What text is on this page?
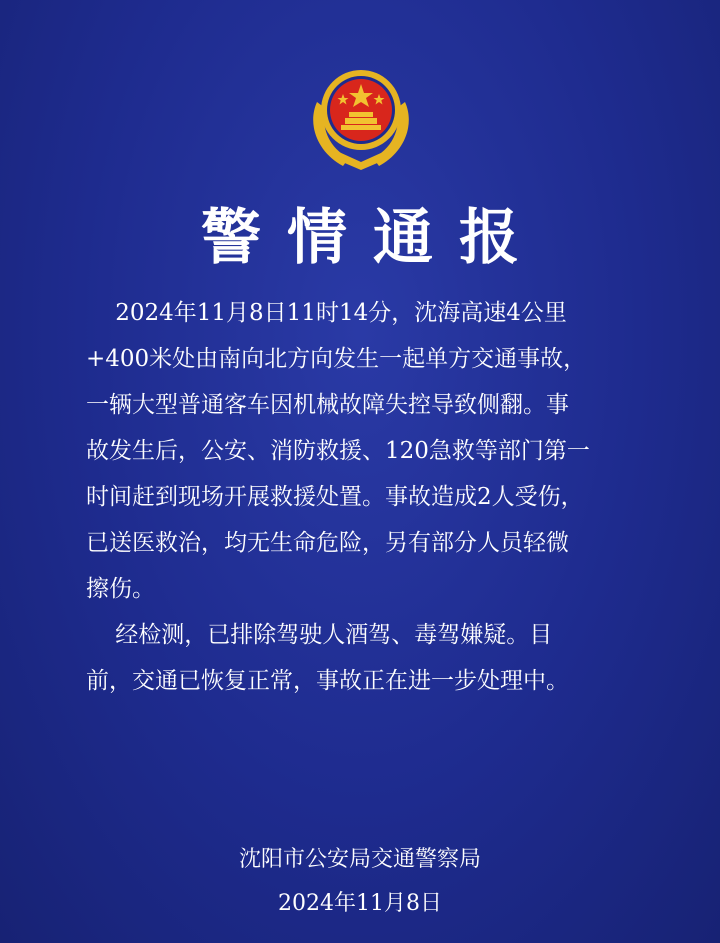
警情通报

2024年11月8日11时14分，沈海高速4公里
+400米处由南向北方向发生一起单方交通事故，
一辆大型普通客车因机械故障失控导致侧翻。事
故发生后，公安、消防救援、120急救等部门第一
时间赶到现场开展救援处置。事故造成2人受伤，
已送医救治，均无生命危险，另有部分人员轻微
擦伤。

经检测，已排除驾驶人酒驾、毒驾嫌疑。目
前，交通已恢复正常，事故正在进一步处理中。

沈阳市公安局交通警察局
2024年11月8日
